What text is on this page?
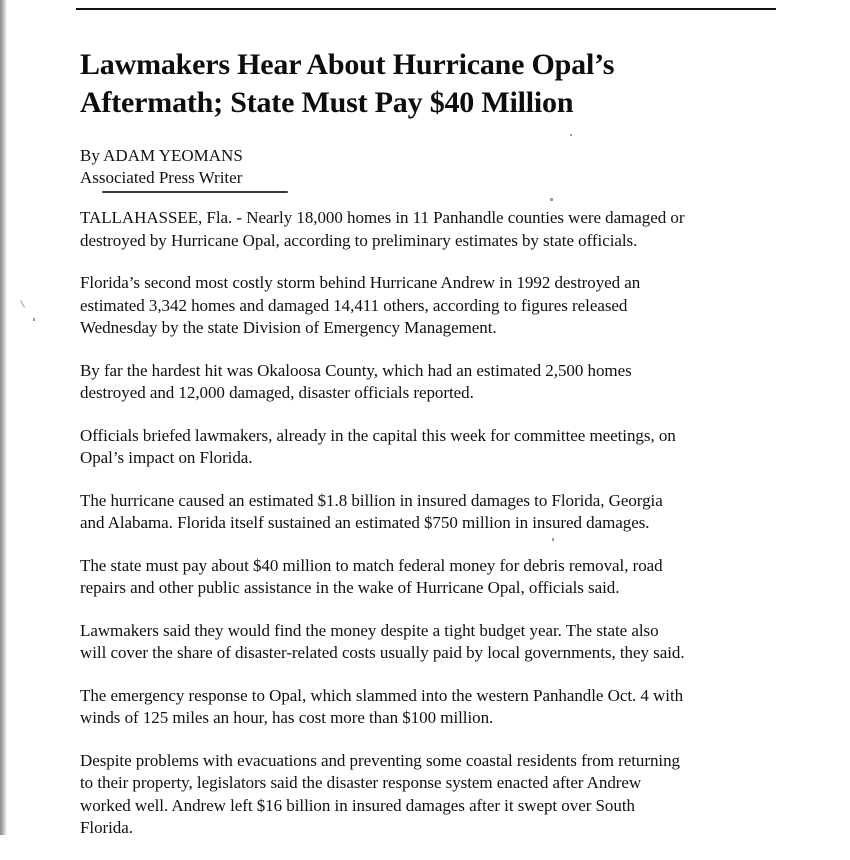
Lawmakers Hear About Hurricane Opal’s
Aftermath; State Must Pay $40 Million
By ADAM YEOMANS
Associated Press Writer

TALLAHASSEE, Fla. - Nearly 18,000 homes in 11 Panhandle counties were damaged or
destroyed by Hurricane Opal, according to preliminary estimates by state officials.

Florida’s second most costly storm behind Hurricane Andrew in 1992 destroyed an
estimated 3,342 homes and damaged 14,411 others, according to figures released
Wednesday by the state Division of Emergency Management.

By far the hardest hit was Okaloosa County, which had an estimated 2,500 homes
destroyed and 12,000 damaged, disaster officials reported.

Officials briefed lawmakers, already in the capital this week for committee meetings, on
Opal’s impact on Florida.

The hurricane caused an estimated $1.8 billion in insured damages to Florida, Georgia
and Alabama. Florida itself sustained an estimated $750 million in insured damages.

The state must pay about $40 million to match federal money for debris removal, road
repairs and other public assistance in the wake of Hurricane Opal, officials said.

Lawmakers said they would find the money despite a tight budget year. The state also
will cover the share of disaster-related costs usually paid by local governments, they said.

The emergency response to Opal, which slammed into the western Panhandle Oct. 4 with
winds of 125 miles an hour, has cost more than $100 million.

Despite problems with evacuations and preventing some coastal residents from returning
to their property, legislators said the disaster response system enacted after Andrew
worked well. Andrew left $16 billion in insured damages after it swept over South
Florida.
